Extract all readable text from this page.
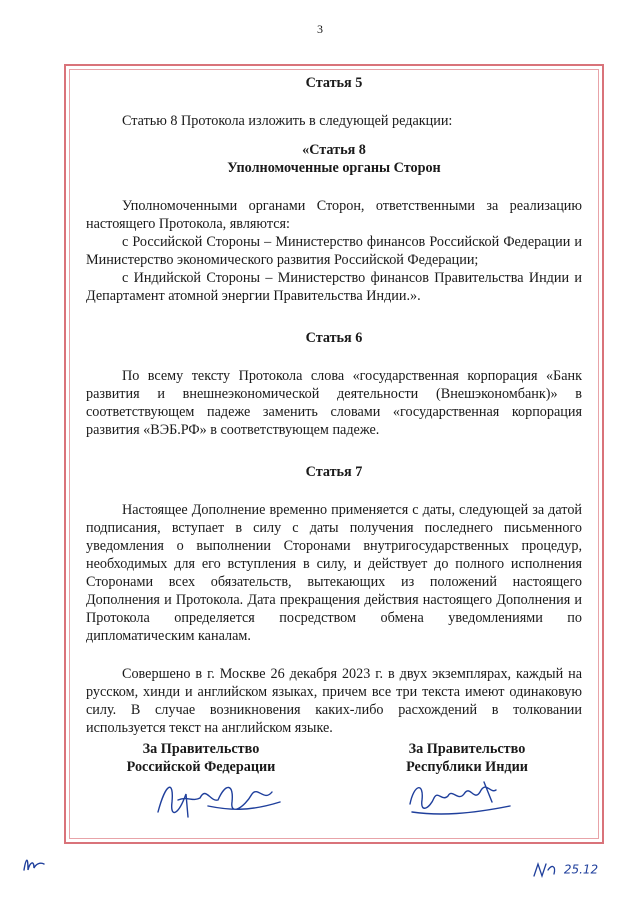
3
Статья 5

Статью 8 Протокола изложить в следующей редакции:

«Статья 8
Уполномоченные органы Сторон

Уполномоченными органами Сторон, ответственными за реализацию настоящего Протокола, являются:

с Российской Стороны – Министерство финансов Российской Федерации и Министерство экономического развития Российской Федерации;

с Индийской Стороны – Министерство финансов Правительства Индии и Департамент атомной энергии Правительства Индии.».

Статья 6

По всему тексту Протокола слова «государственная корпорация «Банк развития и внешнеэкономической деятельности (Внешэкономбанк)» в соответствующем падеже заменить словами «государственная корпорация развития «ВЭБ.РФ» в соответствующем падеже.

Статья 7

Настоящее Дополнение временно применяется с даты, следующей за датой подписания, вступает в силу с даты получения последнего письменного уведомления о выполнении Сторонами внутригосударственных процедур, необходимых для его вступления в силу, и действует до полного исполнения Сторонами всех обязательств, вытекающих из положений настоящего Дополнения и Протокола. Дата прекращения действия настоящего Дополнения и Протокола определяется посредством обмена уведомлениями по дипломатическим каналам.

Совершено в г. Москве 26 декабря 2023 г. в двух экземплярах, каждый на русском, хинди и английском языках, причем все три текста имеют одинаковую силу. В случае возникновения каких-либо расхождений в толковании используется текст на английском языке.

За Правительство
Российской Федерации
За Правительство
Республики Индии
25.12
